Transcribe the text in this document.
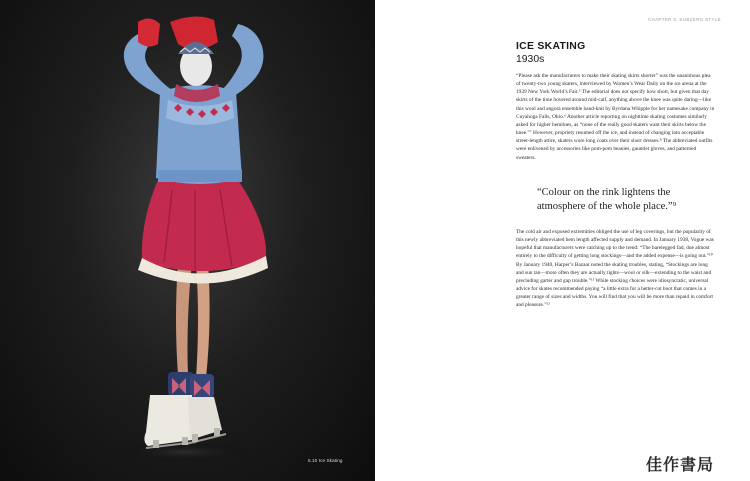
5.10 Ice Skating
CHAPTER 5: SUBZERO STYLE
ICE SKATING
1930s
“Please ask the manufacturers to make their skating skirts shorter” was the unanimous plea of twenty-two young skaters, interviewed by Women’s Wear Daily on the ice arena at the 1939 New York World’s Fair.⁵ The editorial does not specify how short, but given that day skirts of the time hovered around mid-calf, anything above the knee was quite daring—like this wool and angora ensemble hand-knit by Byrdana Whipple for her namesake company in Cuyahoga Falls, Ohio.⁶ Another article reporting on nighttime skating costumes similarly asked for higher hemlines, as “none of the really good skaters want their skirts below the knee.”⁷ However, propriety resumed off the ice, and instead of changing into acceptable street-length attire, skaters wore long coats over their short dresses.⁸ The abbreviated outfits were enlivened by accessories like pom-pom beanies, gauntlet gloves, and patterned sweaters.
“Colour on the rink lightens the atmosphere of the whole place.”⁹
The cold air and exposed extremities obliged the use of leg coverings, but the popularity of this newly abbreviated hem length affected supply and demand. In January 1938, Vogue was hopeful that manufacturers were catching up to the trend: “The barelegged fad, due almost entirely to the difficulty of getting long stockings—and the added expense—is going out.”¹⁰ By January 1940, Harper’s Bazaar noted the skating troubles, stating, “Stockings are long and sun tan—more often they are actually tights—wool or silk—extending to the waist and precluding garter and gap trouble.”¹¹ While stocking choices were idiosyncratic, universal advice for skates recommended paying “a little extra for a better-cut boot that comes in a greater range of sizes and widths. You will find that you will be more than repaid in comfort and pleasure.”¹²
佳作書局
